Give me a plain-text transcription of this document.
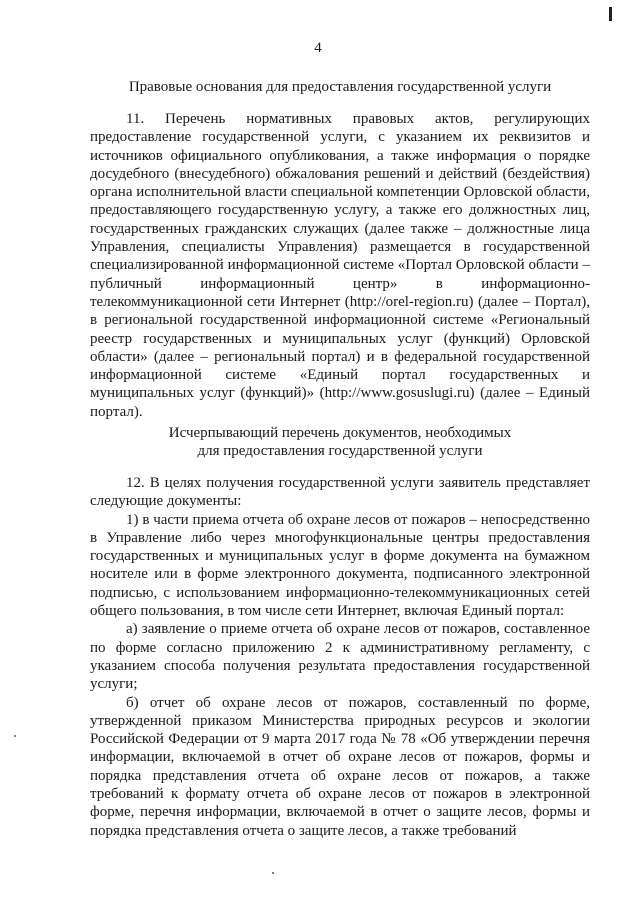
4
Правовые основания для предоставления государственной услуги

11. Перечень нормативных правовых актов, регулирующих предоставление государственной услуги, с указанием их реквизитов и источников официального опубликования, а также информация о порядке досудебного (внесудебного) обжалования решений и действий (бездействия) органа исполнительной власти специальной компетенции Орловской области, предоставляющего государственную услугу, а также его должностных лиц, государственных гражданских служащих (далее также – должностные лица Управления, специалисты Управления) размещается в государственной специализированной информационной системе «Портал Орловской области – публичный информационный центр» в информационно-телекоммуникационной сети Интернет (http://orel-region.ru) (далее – Портал), в региональной государственной информационной системе «Региональный реестр государственных и муниципальных услуг (функций) Орловской области» (далее – региональный портал) и в федеральной государственной информационной системе «Единый портал государственных и муниципальных услуг (функций)» (http://www.gosuslugi.ru) (далее – Единый портал).

Исчерпывающий перечень документов, необходимых
для предоставления государственной услуги

12. В целях получения государственной услуги заявитель представляет следующие документы:

1) в части приема отчета об охране лесов от пожаров – непосредственно в Управление либо через многофункциональные центры предоставления государственных и муниципальных услуг в форме документа на бумажном носителе или в форме электронного документа, подписанного электронной подписью, с использованием информационно-телекоммуникационных сетей общего пользования, в том числе сети Интернет, включая Единый портал:

а) заявление о приеме отчета об охране лесов от пожаров, составленное по форме согласно приложению 2 к административному регламенту, с указанием способа получения результата предоставления государственной услуги;

б) отчет об охране лесов от пожаров, составленный по форме, утвержденной приказом Министерства природных ресурсов и экологии Российской Федерации от 9 марта 2017 года № 78 «Об утверждении перечня информации, включаемой в отчет об охране лесов от пожаров, формы и порядка представления отчета об охране лесов от пожаров, а также требований к формату отчета об охране лесов от пожаров в электронной форме, перечня информации, включаемой в отчет о защите лесов, формы и порядка представления отчета о защите лесов, а также требований
